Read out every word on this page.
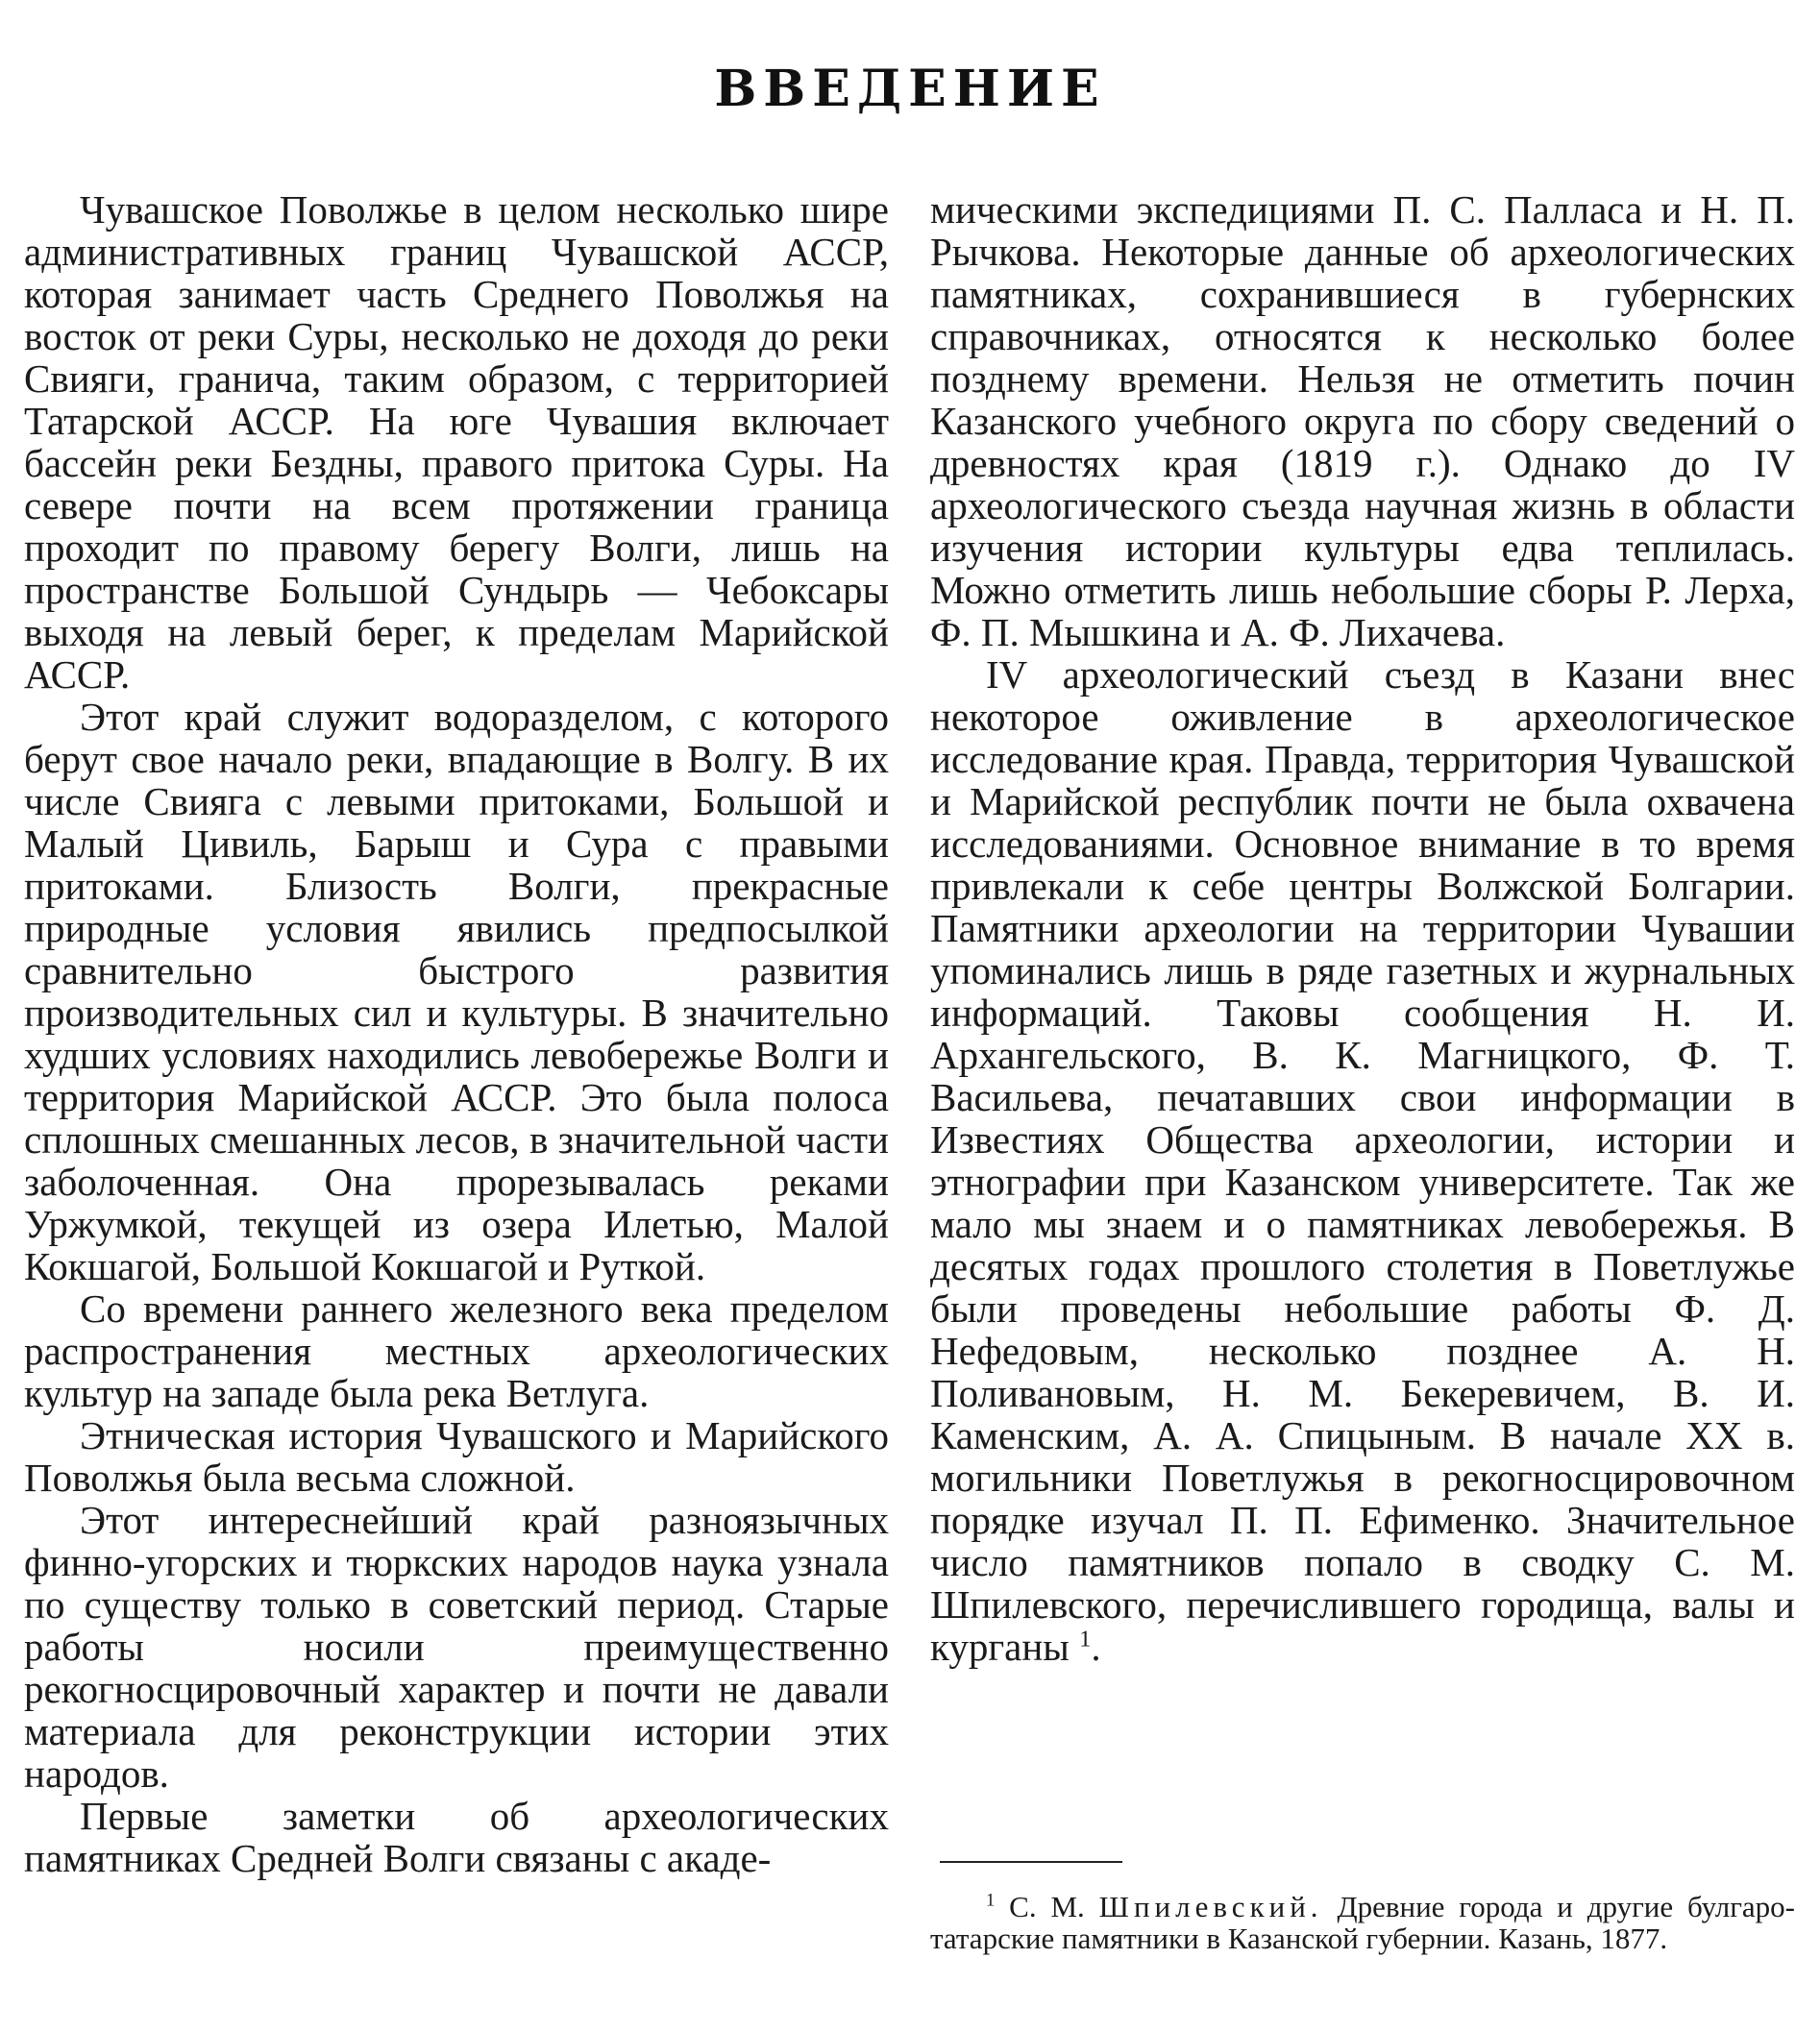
ВВЕДЕНИЕ

Чувашское Поволжье в целом несколько шире административных границ Чувашской АССР, которая занимает часть Среднего Поволжья на восток от реки Суры, несколько не доходя до реки Свияги, гранича, таким образом, с территорией Татарской АССР. На юге Чувашия включает бассейн реки Бездны, правого притока Суры. На севере почти на всем протяжении граница проходит по правому берегу Волги, лишь на пространстве Большой Сундырь — Чебоксары выходя на левый берег, к пределам Марийской АССР.

Этот край служит водоразделом, с которого берут свое начало реки, впадающие в Волгу. В их числе Свияга с левыми притоками, Большой и Малый Цивиль, Барыш и Сура с правыми притоками. Близость Волги, прекрасные природные условия явились предпосылкой сравнительно быстрого развития производительных сил и культуры. В значительно худших условиях находились левобережье Волги и территория Марийской АССР. Это была полоса сплошных смешанных лесов, в значительной части заболоченная. Она прорезывалась реками Уржумкой, текущей из озера Илетью, Малой Кокшагой, Большой Кокшагой и Руткой.

Со времени раннего железного века пределом распространения местных археологических культур на западе была река Ветлуга.

Этническая история Чувашского и Марийского Поволжья была весьма сложной.

Этот интереснейший край разноязычных финно-угорских и тюркских народов наука узнала по существу только в советский период. Старые работы носили преимущественно рекогносцировочный характер и почти не давали материала для реконструкции истории этих народов.

Первые заметки об археологических памятниках Средней Волги связаны с акаде-

мическими экспедициями П. С. Палласа и Н. П. Рычкова. Некоторые данные об археологических памятниках, сохранившиеся в губернских справочниках, относятся к несколько более позднему времени. Нельзя не отметить почин Казанского учебного округа по сбору сведений о древностях края (1819 г.). Однако до IV археологического съезда научная жизнь в области изучения истории культуры едва теплилась. Можно отметить лишь небольшие сборы Р. Лерха, Ф. П. Мышкина и А. Ф. Лихачева.

IV археологический съезд в Казани внес некоторое оживление в археологическое исследование края. Правда, территория Чувашской и Марийской республик почти не была охвачена исследованиями. Основное внимание в то время привлекали к себе центры Волжской Болгарии. Памятники археологии на территории Чувашии упоминались лишь в ряде газетных и журнальных информаций. Таковы сообщения Н. И. Архангельского, В. К. Магницкого, Ф. Т. Васильева, печатавших свои информации в Известиях Общества археологии, истории и этнографии при Казанском университете. Так же мало мы знаем и о памятниках левобережья. В десятых годах прошлого столетия в Поветлужье были проведены небольшие работы Ф. Д. Нефедовым, несколько позднее А. Н. Поливановым, Н. М. Бекеревичем, В. И. Каменским, А. А. Спицыным. В начале XX в. могильники Поветлужья в рекогносцировочном порядке изучал П. П. Ефименко. Значительное число памятников попало в сводку С. М. Шпилевского, перечислившего городища, валы и курганы $^1$.

$^1$ С. М. Шпилевский. Древние города и другие булгаро-татарские памятники в Казанской губернии. Казань, 1877.
